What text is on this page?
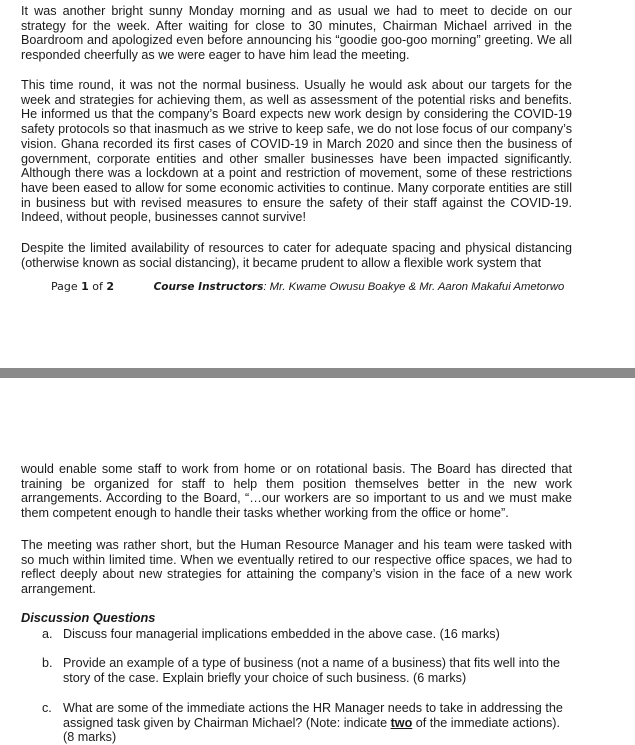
It was another bright sunny Monday morning and as usual we had to meet to decide on our strategy for the week. After waiting for close to 30 minutes, Chairman Michael arrived in the Boardroom and apologized even before announcing his “goodie goo-goo morning” greeting. We all responded cheerfully as we were eager to have him lead the meeting.

This time round, it was not the normal business. Usually he would ask about our targets for the week and strategies for achieving them, as well as assessment of the potential risks and benefits. He informed us that the company’s Board expects new work design by considering the COVID-19 safety protocols so that inasmuch as we strive to keep safe, we do not lose focus of our company’s vision. Ghana recorded its first cases of COVID-19 in March 2020 and since then the business of government, corporate entities and other smaller businesses have been impacted significantly. Although there was a lockdown at a point and restriction of movement, some of these restrictions have been eased to allow for some economic activities to continue. Many corporate entities are still in business but with revised measures to ensure the safety of their staff against the COVID-19. Indeed, without people, businesses cannot survive!

Despite the limited availability of resources to cater for adequate spacing and physical distancing (otherwise known as social distancing), it became prudent to allow a flexible work system that

Page 1 of 2	Course Instructors: Mr. Kwame Owusu Boakye & Mr. Aaron Makafui Ametorwo

would enable some staff to work from home or on rotational basis. The Board has directed that training be organized for staff to help them position themselves better in the new work arrangements. According to the Board, “…our workers are so important to us and we must make them competent enough to handle their tasks whether working from the office or home”.

The meeting was rather short, but the Human Resource Manager and his team were tasked with so much within limited time. When we eventually retired to our respective office spaces, we had to reflect deeply about new strategies for attaining the company’s vision in the face of a new work arrangement.

Discussion Questions

a. Discuss four managerial implications embedded in the above case. (16 marks)
b. Provide an example of a type of business (not a name of a business) that fits well into the story of the case. Explain briefly your choice of such business. (6 marks)
c. What are some of the immediate actions the HR Manager needs to take in addressing the assigned task given by Chairman Michael? (Note: indicate two of the immediate actions). (8 marks)
